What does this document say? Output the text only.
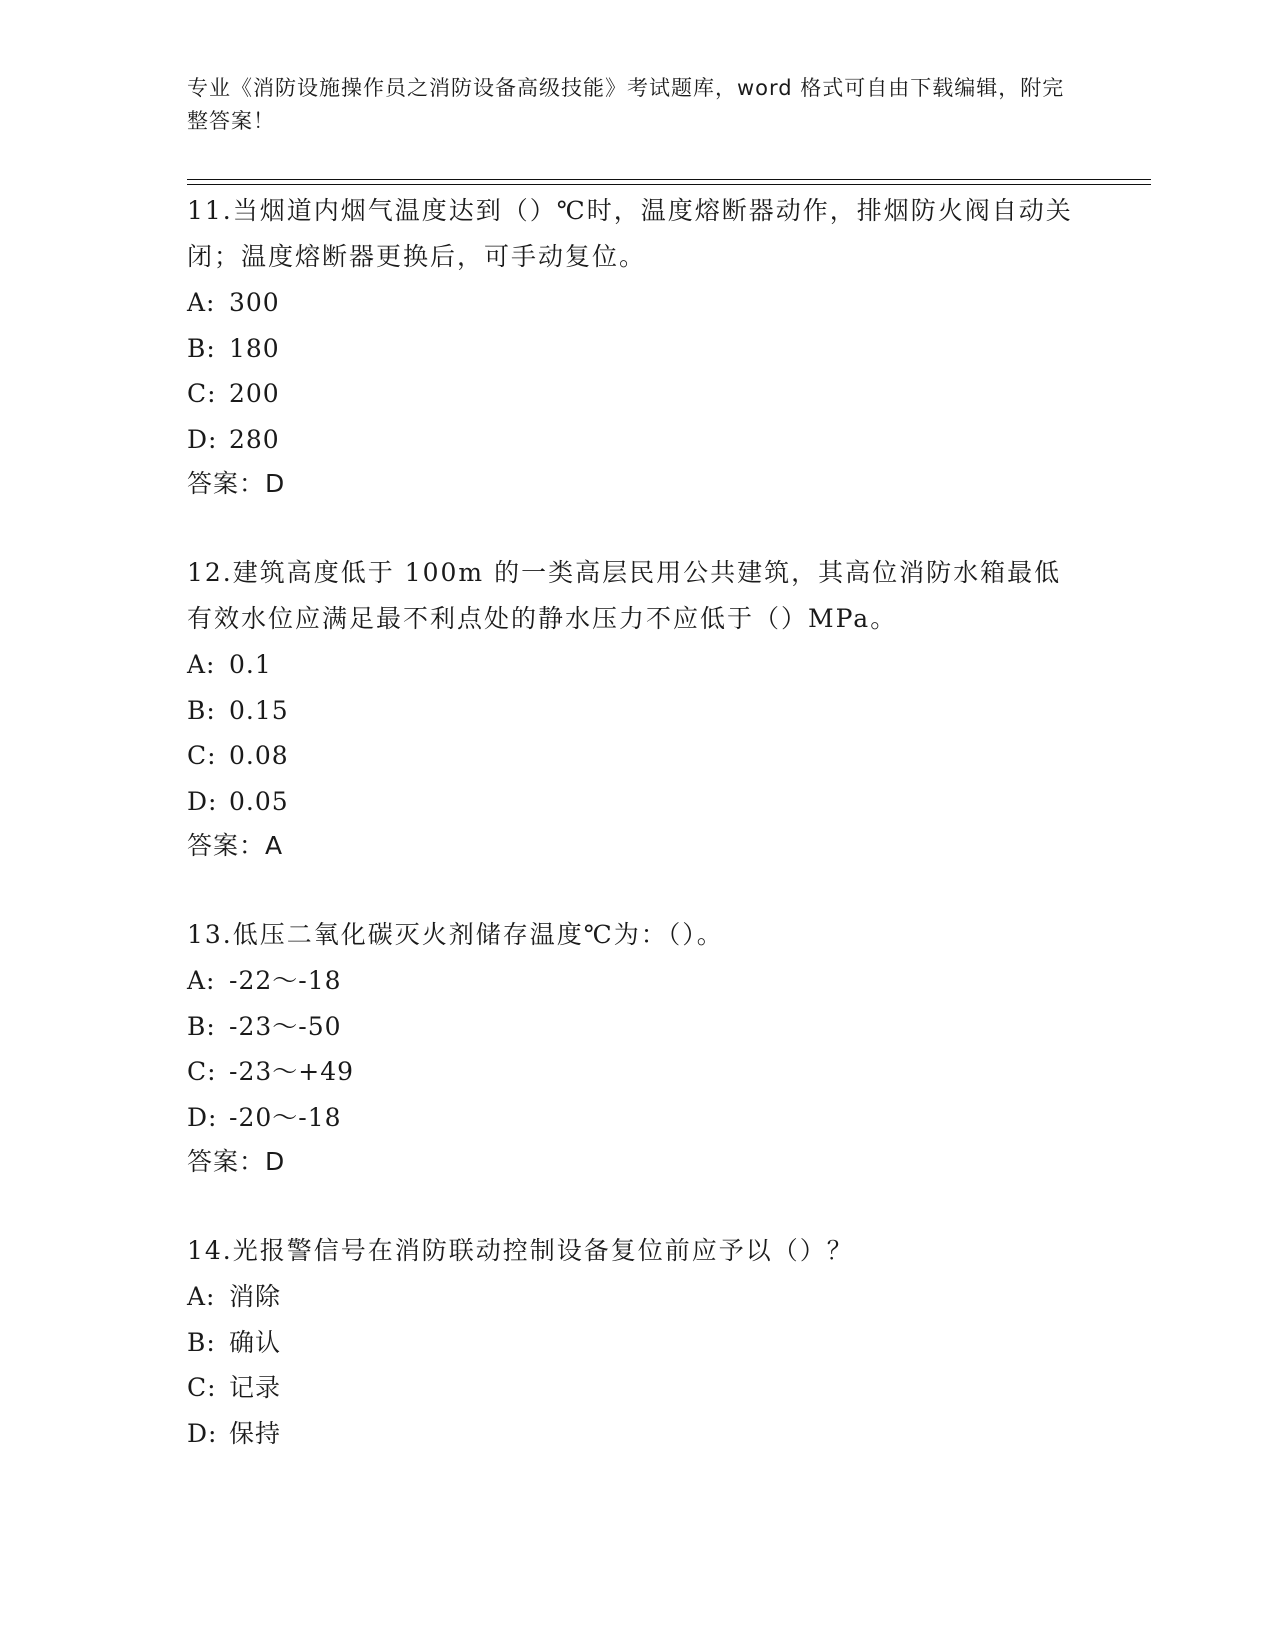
专业《消防设施操作员之消防设备高级技能》考试题库，word 格式可自由下载编辑，附完整答案！
11.当烟道内烟气温度达到（）℃时，温度熔断器动作，排烟防火阀自动关闭；温度熔断器更换后，可手动复位。
A: 300
B: 180
C: 200
D: 280
答案：D
12.建筑高度低于 100m 的一类高层民用公共建筑，其高位消防水箱最低有效水位应满足最不利点处的静水压力不应低于（）MPa。
A: 0.1
B: 0.15
C: 0.08
D: 0.05
答案：A
13.低压二氧化碳灭火剂储存温度℃为：（）。
A: -22～-18
B: -23～-50
C: -23～+49
D: -20～-18
答案：D
14.光报警信号在消防联动控制设备复位前应予以（）？
A: 消除
B: 确认
C: 记录
D: 保持
